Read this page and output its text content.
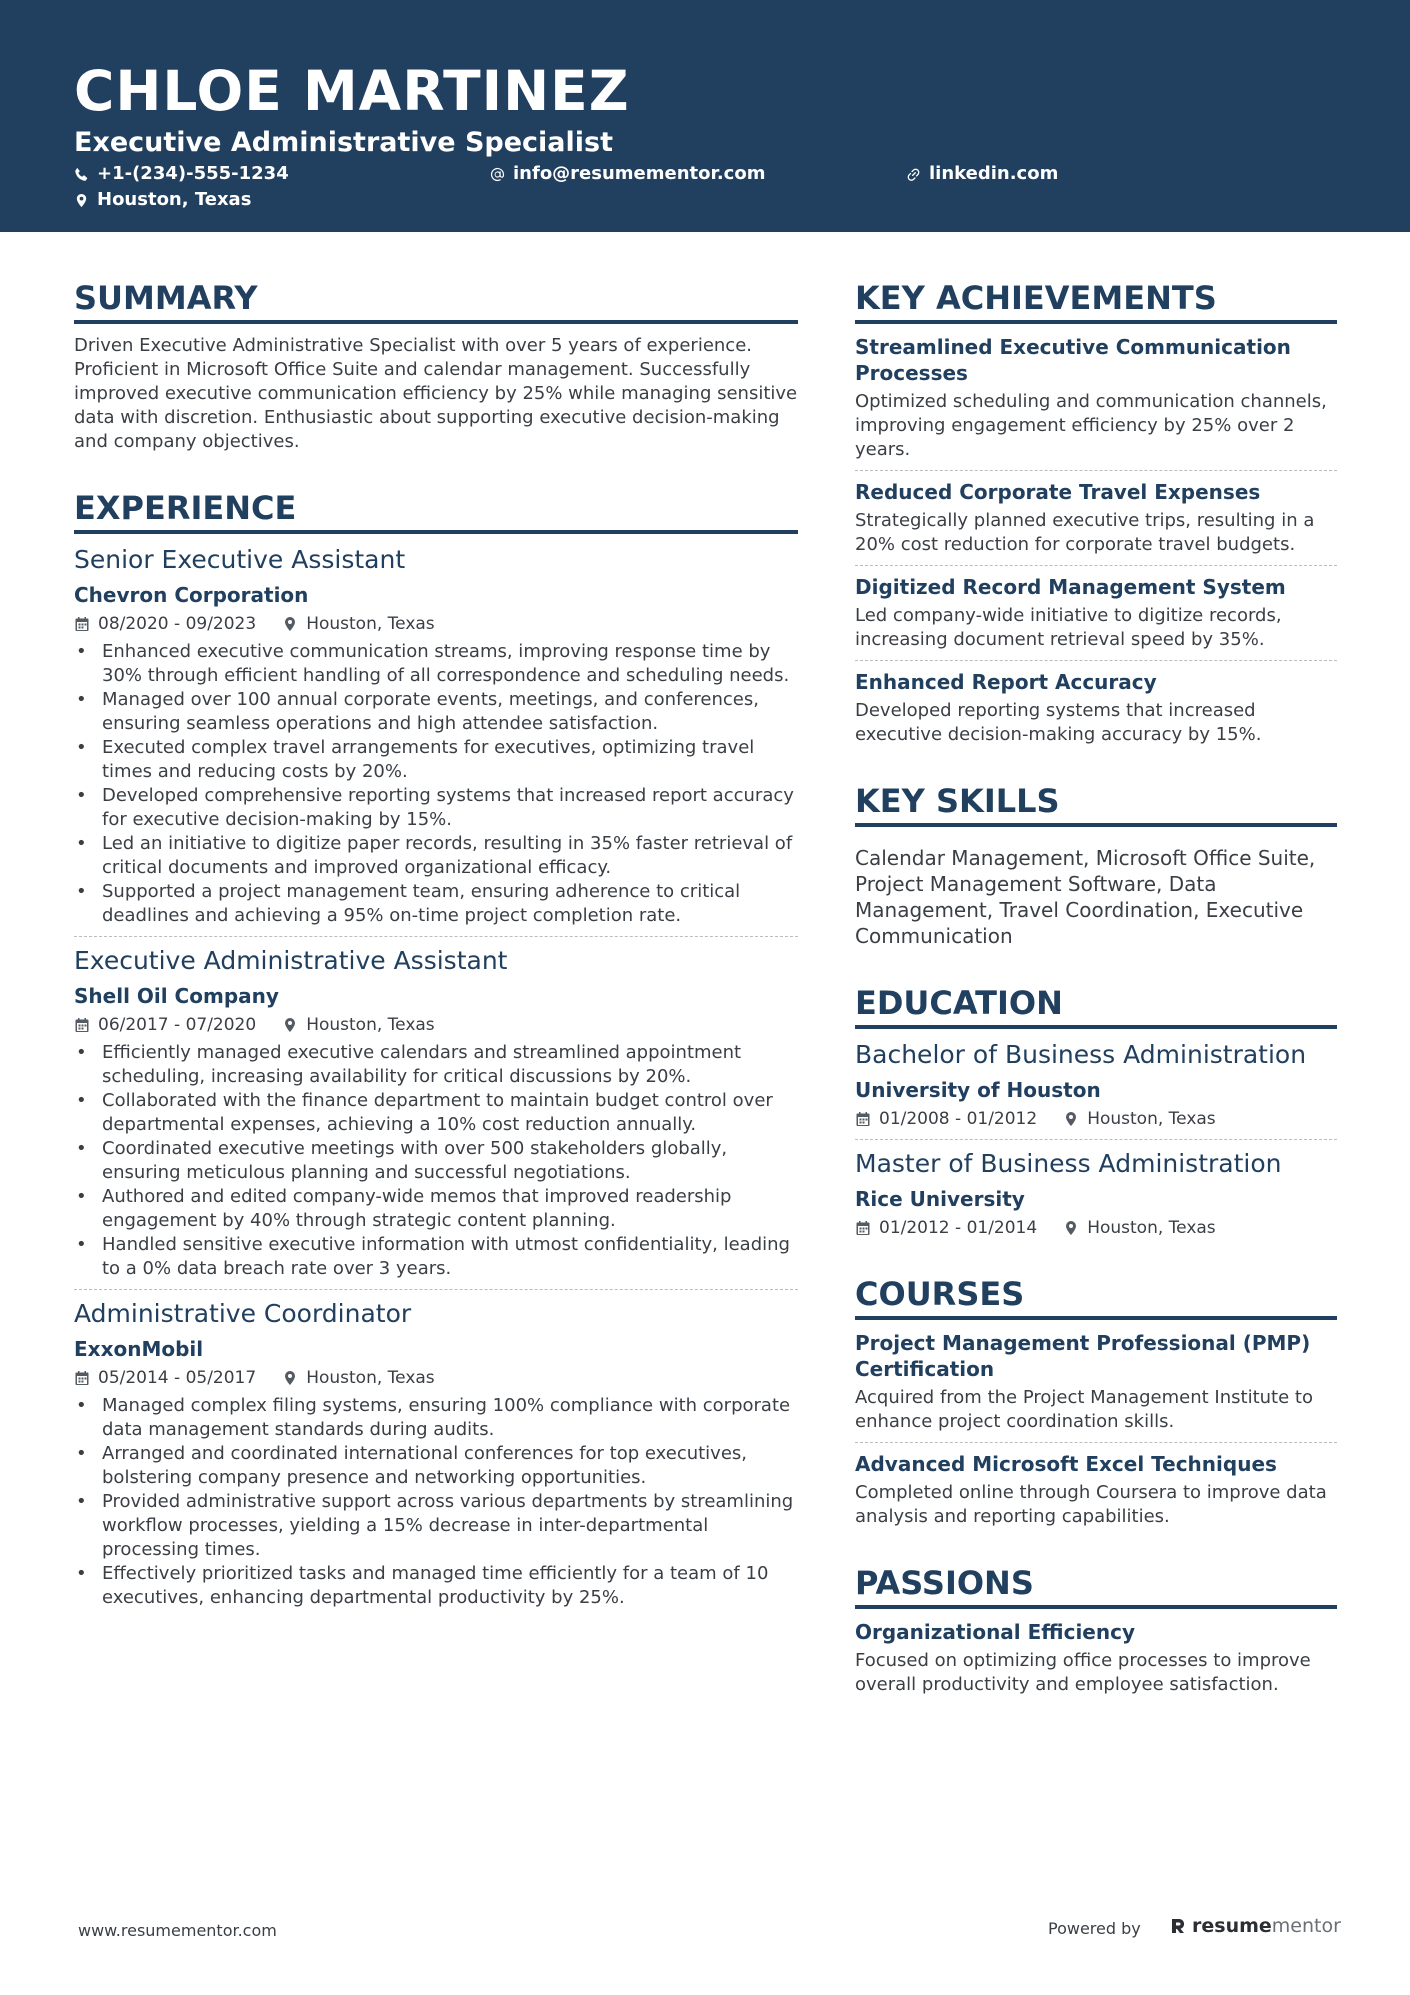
CHLOE MARTINEZ
Executive Administrative Specialist
+1-(234)-555-1234	info@resumementor.com	linkedin.com
Houston, Texas
SUMMARY
Driven Executive Administrative Specialist with over 5 years of experience. Proficient in Microsoft Office Suite and calendar management. Successfully improved executive communication efficiency by 25% while managing sensitive data with discretion. Enthusiastic about supporting executive decision-making and company objectives.
EXPERIENCE
Senior Executive Assistant
Chevron Corporation
08/2020 - 09/2023	Houston, Texas
• Enhanced executive communication streams, improving response time by 30% through efficient handling of all correspondence and scheduling needs.
• Managed over 100 annual corporate events, meetings, and conferences, ensuring seamless operations and high attendee satisfaction.
• Executed complex travel arrangements for executives, optimizing travel times and reducing costs by 20%.
• Developed comprehensive reporting systems that increased report accuracy for executive decision-making by 15%.
• Led an initiative to digitize paper records, resulting in 35% faster retrieval of critical documents and improved organizational efficacy.
• Supported a project management team, ensuring adherence to critical deadlines and achieving a 95% on-time project completion rate.
Executive Administrative Assistant
Shell Oil Company
06/2017 - 07/2020	Houston, Texas
• Efficiently managed executive calendars and streamlined appointment scheduling, increasing availability for critical discussions by 20%.
• Collaborated with the finance department to maintain budget control over departmental expenses, achieving a 10% cost reduction annually.
• Coordinated executive meetings with over 500 stakeholders globally, ensuring meticulous planning and successful negotiations.
• Authored and edited company-wide memos that improved readership engagement by 40% through strategic content planning.
• Handled sensitive executive information with utmost confidentiality, leading to a 0% data breach rate over 3 years.
Administrative Coordinator
ExxonMobil
05/2014 - 05/2017	Houston, Texas
• Managed complex filing systems, ensuring 100% compliance with corporate data management standards during audits.
• Arranged and coordinated international conferences for top executives, bolstering company presence and networking opportunities.
• Provided administrative support across various departments by streamlining workflow processes, yielding a 15% decrease in inter-departmental processing times.
• Effectively prioritized tasks and managed time efficiently for a team of 10 executives, enhancing departmental productivity by 25%.
KEY ACHIEVEMENTS
Streamlined Executive Communication Processes
Optimized scheduling and communication channels, improving engagement efficiency by 25% over 2 years.
Reduced Corporate Travel Expenses
Strategically planned executive trips, resulting in a 20% cost reduction for corporate travel budgets.
Digitized Record Management System
Led company-wide initiative to digitize records, increasing document retrieval speed by 35%.
Enhanced Report Accuracy
Developed reporting systems that increased executive decision-making accuracy by 15%.
KEY SKILLS
Calendar Management, Microsoft Office Suite, Project Management Software, Data Management, Travel Coordination, Executive Communication
EDUCATION
Bachelor of Business Administration
University of Houston
01/2008 - 01/2012	Houston, Texas
Master of Business Administration
Rice University
01/2012 - 01/2014	Houston, Texas
COURSES
Project Management Professional (PMP) Certification
Acquired from the Project Management Institute to enhance project coordination skills.
Advanced Microsoft Excel Techniques
Completed online through Coursera to improve data analysis and reporting capabilities.
PASSIONS
Organizational Efficiency
Focused on optimizing office processes to improve overall productivity and employee satisfaction.
www.resumementor.com	Powered by	resumementor
